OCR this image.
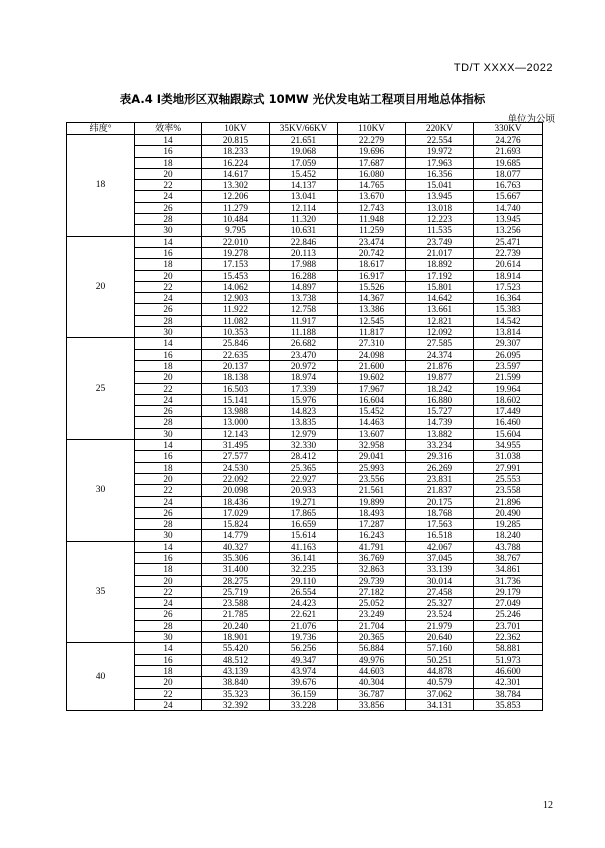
TD/T XXXX—2022
表A.4 Ⅰ类地形区双轴跟踪式 10MW 光伏发电站工程项目用地总体指标
单位为公顷
纬度°	效率%	10KV	35KV/66KV	110KV	220KV	330KV
18	14	20.815	21.651	22.279	22.554	24.276
	16	18.233	19.068	19.696	19.972	21.693
	18	16.224	17.059	17.687	17.963	19.685
	20	14.617	15.452	16.080	16.356	18.077
	22	13.302	14.137	14.765	15.041	16.763
	24	12.206	13.041	13.670	13.945	15.667
	26	11.279	12.114	12.743	13.018	14.740
	28	10.484	11.320	11.948	12.223	13.945
	30	9.795	10.631	11.259	11.535	13.256
20	14	22.010	22.846	23.474	23.749	25.471
	16	19.278	20.113	20.742	21.017	22.739
	18	17.153	17.988	18.617	18.892	20.614
	20	15.453	16.288	16.917	17.192	18.914
	22	14.062	14.897	15.526	15.801	17.523
	24	12.903	13.738	14.367	14.642	16.364
	26	11.922	12.758	13.386	13.661	15.383
	28	11.082	11.917	12.545	12.821	14.542
	30	10.353	11.188	11.817	12.092	13.814
25	14	25.846	26.682	27.310	27.585	29.307
	16	22.635	23.470	24.098	24.374	26.095
	18	20.137	20.972	21.600	21.876	23.597
	20	18.138	18.974	19.602	19.877	21.599
	22	16.503	17.339	17.967	18.242	19.964
	24	15.141	15.976	16.604	16.880	18.602
	26	13.988	14.823	15.452	15.727	17.449
	28	13.000	13.835	14.463	14.739	16.460
	30	12.143	12.979	13.607	13.882	15.604
30	14	31.495	32.330	32.958	33.234	34.955
	16	27.577	28.412	29.041	29.316	31.038
	18	24.530	25.365	25.993	26.269	27.991
	20	22.092	22.927	23.556	23.831	25.553
	22	20.098	20.933	21.561	21.837	23.558
	24	18.436	19.271	19.899	20.175	21.896
	26	17.029	17.865	18.493	18.768	20.490
	28	15.824	16.659	17.287	17.563	19.285
	30	14.779	15.614	16.243	16.518	18.240
35	14	40.327	41.163	41.791	42.067	43.788
	16	35.306	36.141	36.769	37.045	38.767
	18	31.400	32.235	32.863	33.139	34.861
	20	28.275	29.110	29.739	30.014	31.736
	22	25.719	26.554	27.182	27.458	29.179
	24	23.588	24.423	25.052	25.327	27.049
	26	21.785	22.621	23.249	23.524	25.246
	28	20.240	21.076	21.704	21.979	23.701
	30	18.901	19.736	20.365	20.640	22.362
40	14	55.420	56.256	56.884	57.160	58.881
	16	48.512	49.347	49.976	50.251	51.973
	18	43.139	43.974	44.603	44.878	46.600
	20	38.840	39.676	40.304	40.579	42.301
	22	35.323	36.159	36.787	37.062	38.784
	24	32.392	33.228	33.856	34.131	35.853
12
